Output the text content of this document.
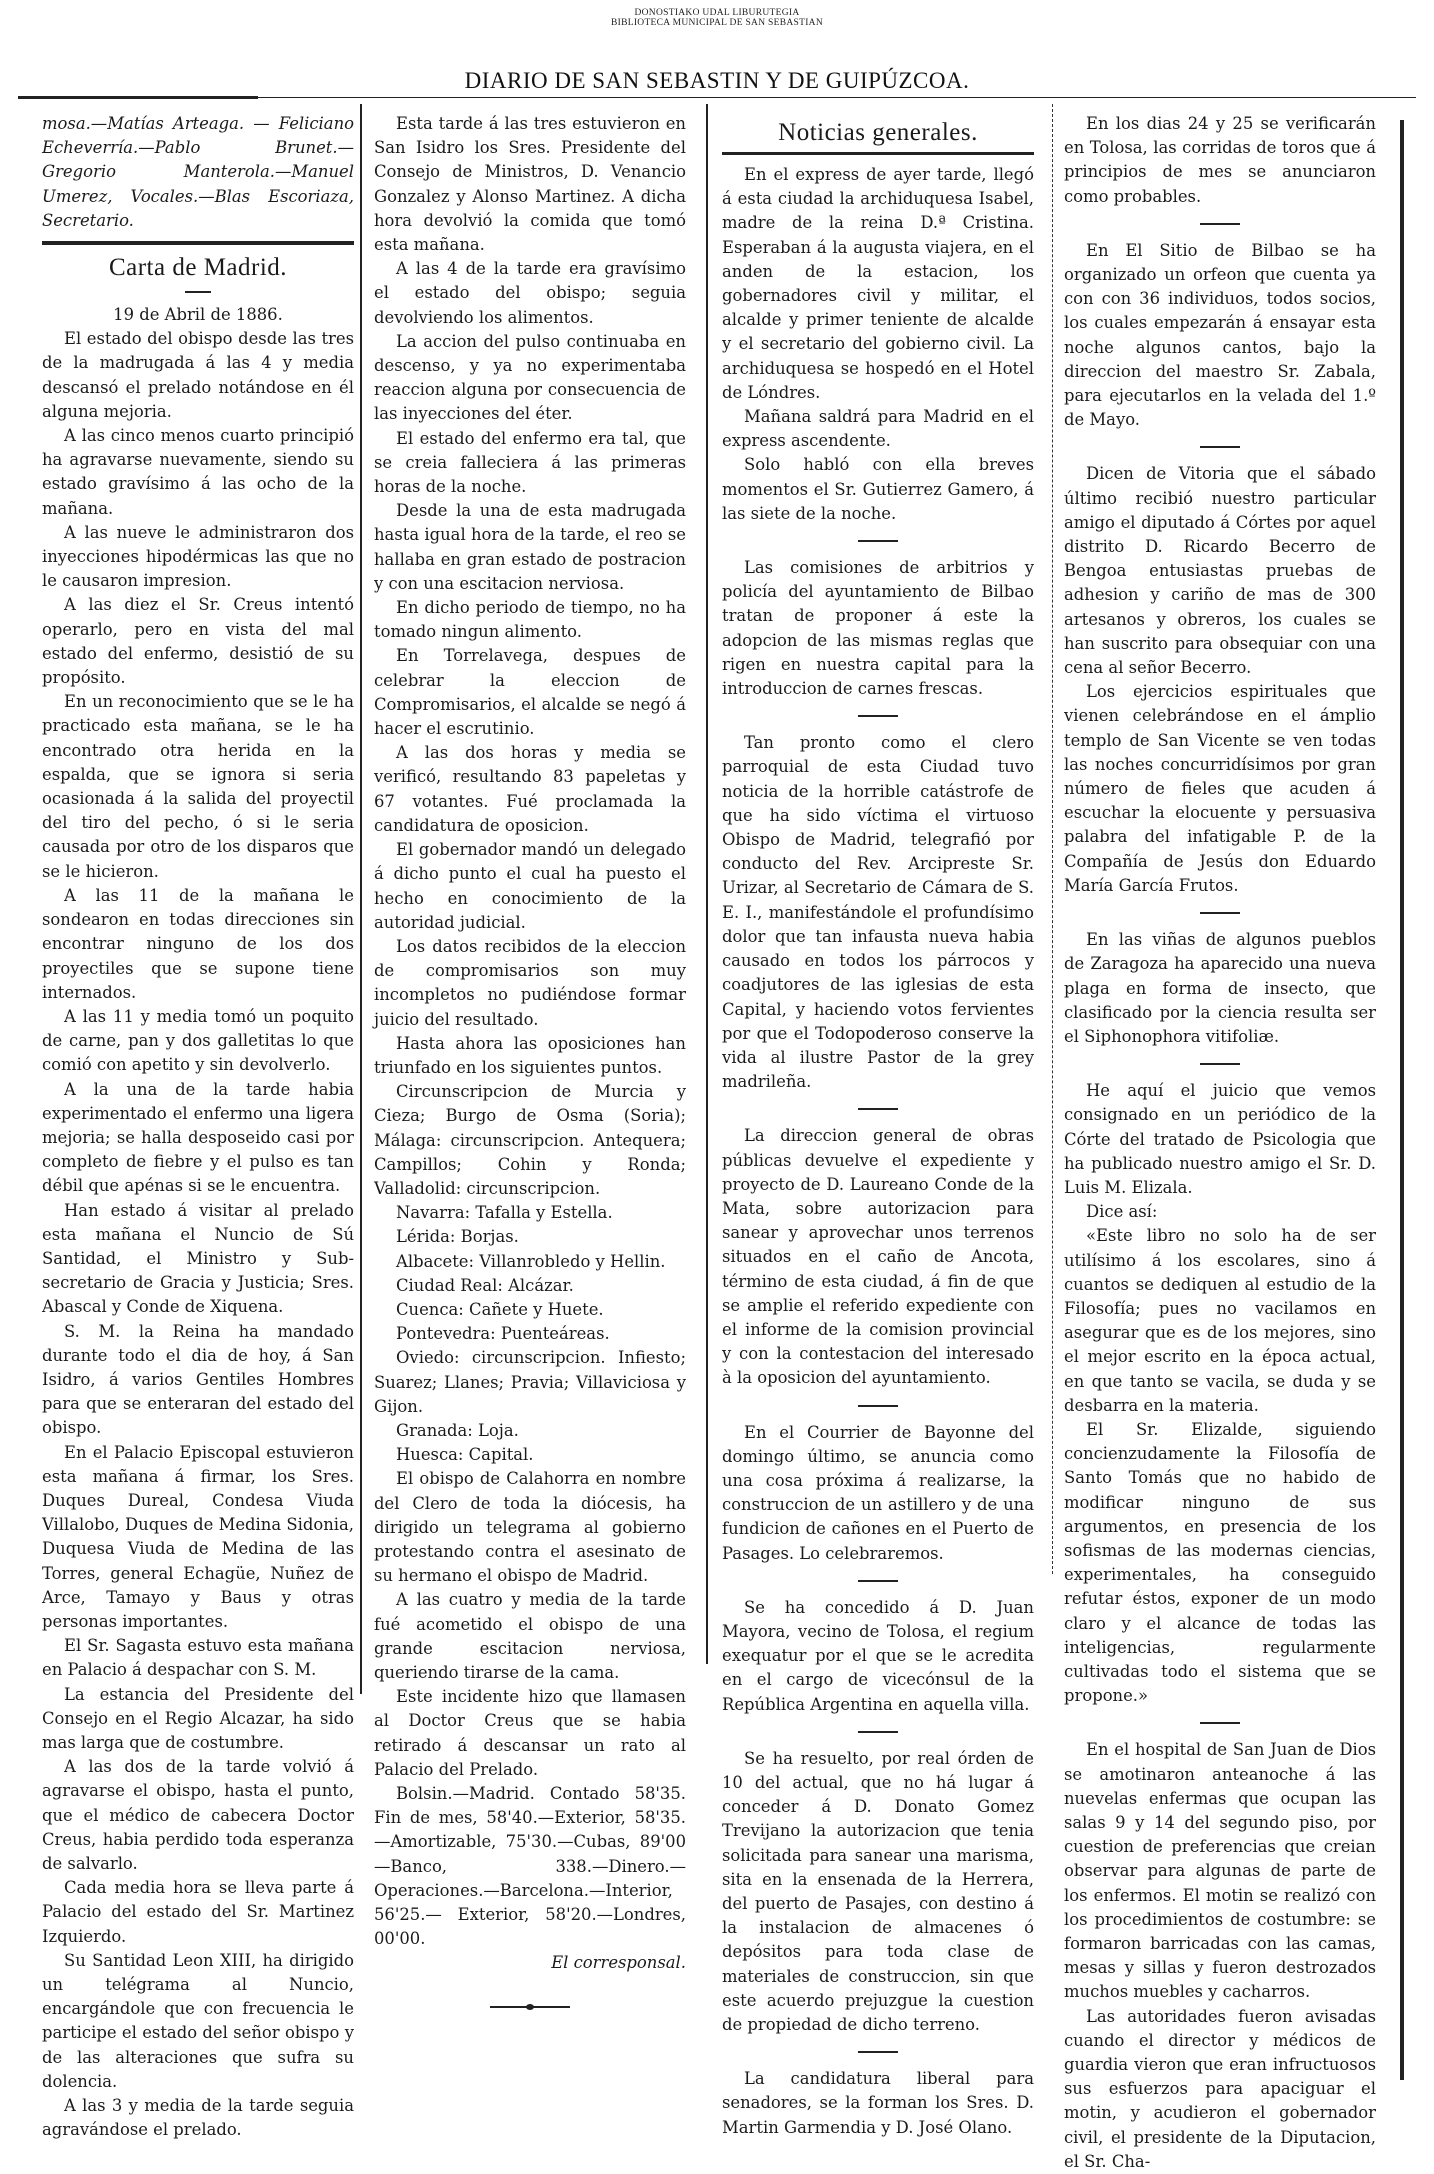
DONOSTIAKO UDAL LIBURUTEGIA
BIBLIOTECA MUNICIPAL DE SAN SEBASTIAN
DIARIO DE SAN SEBASTIN Y DE GUIPÚZCOA.

mosa.—Matías Arteaga. — Feliciano Echeverría.—Pablo Brunet.—Gregorio Manterola.—Manuel Umerez, Vocales.—Blas Escoriaza, Secretario.

Carta de Madrid.

19 de Abril de 1886.

El estado del obispo desde las tres de la madrugada á las 4 y media descansó el prelado notándose en él alguna mejoria.

A las cinco menos cuarto principió ha agravarse nuevamente, siendo su estado gravísimo á las ocho de la mañana.

A las nueve le administraron dos inyecciones hipodérmicas las que no le causaron impresion.

A las diez el Sr. Creus intentó operarlo, pero en vista del mal estado del enfermo, desistió de su propósito.

En un reconocimiento que se le ha practicado esta mañana, se le ha encontrado otra herida en la espalda, que se ignora si seria ocasionada á la salida del proyectil del tiro del pecho, ó si le seria causada por otro de los disparos que se le hicieron.

A las 11 de la mañana le sondearon en todas direcciones sin encontrar ninguno de los dos proyectiles que se supone tiene internados.

A las 11 y media tomó un poquito de carne, pan y dos galletitas lo que comió con apetito y sin devolverlo.

A la una de la tarde habia experimentado el enfermo una ligera mejoria; se halla desposeido casi por completo de fiebre y el pulso es tan débil que apénas si se le encuentra.

Han estado á visitar al prelado esta mañana el Nuncio de Sú Santidad, el Ministro y Sub-secretario de Gracia y Justicia; Sres. Abascal y Conde de Xiquena.

S. M. la Reina ha mandado durante todo el dia de hoy, á San Isidro, á varios Gentiles Hombres para que se enteraran del estado del obispo.

En el Palacio Episcopal estuvieron esta mañana á firmar, los Sres. Duques Dureal, Condesa Viuda Villalobo, Duques de Medina Sidonia, Duquesa Viuda de Medina de las Torres, general Echagüe, Nuñez de Arce, Tamayo y Baus y otras personas importantes.

El Sr. Sagasta estuvo esta mañana en Palacio á despachar con S. M.

La estancia del Presidente del Consejo en el Regio Alcazar, ha sido mas larga que de costumbre.

A las dos de la tarde volvió á agravarse el obispo, hasta el punto, que el médico de cabecera Doctor Creus, habia perdido toda esperanza de salvarlo.

Cada media hora se lleva parte á Palacio del estado del Sr. Martinez Izquierdo.

Su Santidad Leon XIII, ha dirigido un telégrama al Nuncio, encargándole que con frecuencia le participe el estado del señor obispo y de las alteraciones que sufra su dolencia.

A las 3 y media de la tarde seguia agravándose el prelado.

Esta tarde á las tres estuvieron en San Isidro los Sres. Presidente del Consejo de Ministros, D. Venancio Gonzalez y Alonso Martinez. A dicha hora devolvió la comida que tomó esta mañana.

A las 4 de la tarde era gravísimo el estado del obispo; seguia devolviendo los alimentos.

La accion del pulso continuaba en descenso, y ya no experimentaba reaccion alguna por consecuencia de las inyecciones del éter.

El estado del enfermo era tal, que se creia falleciera á las primeras horas de la noche.

Desde la una de esta madrugada hasta igual hora de la tarde, el reo se hallaba en gran estado de postracion y con una escitacion nerviosa.

En dicho periodo de tiempo, no ha tomado ningun alimento.

En Torrelavega, despues de celebrar la eleccion de Compromisarios, el alcalde se negó á hacer el escrutinio.

A las dos horas y media se verificó, resultando 83 papeletas y 67 votantes. Fué proclamada la candidatura de oposicion.

El gobernador mandó un delegado á dicho punto el cual ha puesto el hecho en conocimiento de la autoridad judicial.

Los datos recibidos de la eleccion de compromisarios son muy incompletos no pudiéndose formar juicio del resultado.

Hasta ahora las oposiciones han triunfado en los siguientes puntos.

Circunscripcion de Murcia y Cieza; Burgo de Osma (Soria); Málaga: circunscripcion. Antequera; Campillos; Cohin y Ronda; Valladolid: circunscripcion.

Navarra: Tafalla y Estella.

Lérida: Borjas.

Albacete: Villanrobledo y Hellin.

Ciudad Real: Alcázar.

Cuenca: Cañete y Huete.

Pontevedra: Puenteáreas.

Oviedo: circunscripcion. Infiesto; Suarez; Llanes; Pravia; Villaviciosa y Gijon.

Granada: Loja.

Huesca: Capital.

El obispo de Calahorra en nombre del Clero de toda la diócesis, ha dirigido un telegrama al gobierno protestando contra el asesinato de su hermano el obispo de Madrid.

A las cuatro y media de la tarde fué acometido el obispo de una grande escitacion nerviosa, queriendo tirarse de la cama.

Este incidente hizo que llamasen al Doctor Creus que se habia retirado á descansar un rato al Palacio del Prelado.

Bolsin.—Madrid. Contado 58'35. Fin de mes, 58'40.—Exterior, 58'35. —Amortizable, 75'30.—Cubas, 89'00 —Banco, 338.—Dinero.—Operaciones.—Barcelona.—Interior, 56'25.— Exterior, 58'20.—Londres, 00'00.

El corresponsal.

Noticias generales.

En el express de ayer tarde, llegó á esta ciudad la archiduquesa Isabel, madre de la reina D.ª Cristina. Esperaban á la augusta viajera, en el anden de la estacion, los gobernadores civil y militar, el alcalde y primer teniente de alcalde y el secretario del gobierno civil. La archiduquesa se hospedó en el Hotel de Lóndres.

Mañana saldrá para Madrid en el express ascendente.

Solo habló con ella breves momentos el Sr. Gutierrez Gamero, á las siete de la noche.

Las comisiones de arbitrios y policía del ayuntamiento de Bilbao tratan de proponer á este la adopcion de las mismas reglas que rigen en nuestra capital para la introduccion de carnes frescas.

Tan pronto como el clero parroquial de esta Ciudad tuvo noticia de la horrible catástrofe de que ha sido víctima el virtuoso Obispo de Madrid, telegrafió por conducto del Rev. Arcipreste Sr. Urizar, al Secretario de Cámara de S. E. I., manifestándole el profundísimo dolor que tan infausta nueva habia causado en todos los párrocos y coadjutores de las iglesias de esta Capital, y haciendo votos fervientes por que el Todopoderoso conserve la vida al ilustre Pastor de la grey madrileña.

La direccion general de obras públicas devuelve el expediente y proyecto de D. Laureano Conde de la Mata, sobre autorizacion para sanear y aprovechar unos terrenos situados en el caño de Ancota, término de esta ciudad, á fin de que se amplie el referido expediente con el informe de la comision provincial y con la contestacion del interesado à la oposicion del ayuntamiento.

En el Courrier de Bayonne del domingo último, se anuncia como una cosa próxima á realizarse, la construccion de un astillero y de una fundicion de cañones en el Puerto de Pasages. Lo celebraremos.

Se ha concedido á D. Juan Mayora, vecino de Tolosa, el regium exequatur por el que se le acredita en el cargo de vicecónsul de la República Argentina en aquella villa.

Se ha resuelto, por real órden de 10 del actual, que no há lugar á conceder á D. Donato Gomez Trevijano la autorizacion que tenia solicitada para sanear una marisma, sita en la ensenada de la Herrera, del puerto de Pasajes, con destino á la instalacion de almacenes ó depósitos para toda clase de materiales de construccion, sin que este acuerdo prejuzgue la cuestion de propiedad de dicho terreno.

La candidatura liberal para senadores, se la forman los Sres. D. Martin Garmendia y D. José Olano.

En los dias 24 y 25 se verificarán en Tolosa, las corridas de toros que á principios de mes se anunciaron como probables.

En El Sitio de Bilbao se ha organizado un orfeon que cuenta ya con con 36 individuos, todos socios, los cuales empezarán á ensayar esta noche algunos cantos, bajo la direccion del maestro Sr. Zabala, para ejecutarlos en la velada del 1.º de Mayo.

Dicen de Vitoria que el sábado último recibió nuestro particular amigo el diputado á Córtes por aquel distrito D. Ricardo Becerro de Bengoa entusiastas pruebas de adhesion y cariño de mas de 300 artesanos y obreros, los cuales se han suscrito para obsequiar con una cena al señor Becerro.

Los ejercicios espirituales que vienen celebrándose en el ámplio templo de San Vicente se ven todas las noches concurridísimos por gran número de fieles que acuden á escuchar la elocuente y persuasiva palabra del infatigable P. de la Compañía de Jesús don Eduardo María García Frutos.

En las viñas de algunos pueblos de Zaragoza ha aparecido una nueva plaga en forma de insecto, que clasificado por la ciencia resulta ser el Siphonophora vitifoliæ.

He aquí el juicio que vemos consignado en un periódico de la Córte del tratado de Psicologia que ha publicado nuestro amigo el Sr. D. Luis M. Elizala.

Dice así:

«Este libro no solo ha de ser utilísimo á los escolares, sino á cuantos se dediquen al estudio de la Filosofía; pues no vacilamos en asegurar que es de los mejores, sino el mejor escrito en la época actual, en que tanto se vacila, se duda y se desbarra en la materia.

El Sr. Elizalde, siguiendo concienzudamente la Filosofía de Santo Tomás que no habido de modificar ninguno de sus argumentos, en presencia de los sofismas de las modernas ciencias, experimentales, ha conseguido refutar éstos, exponer de un modo claro y el alcance de todas las inteligencias, regularmente cultivadas todo el sistema que se propone.»

En el hospital de San Juan de Dios se amotinaron anteanoche á las nuevelas enfermas que ocupan las salas 9 y 14 del segundo piso, por cuestion de preferencias que creian observar para algunas de parte de los enfermos. El motin se realizó con los procedimientos de costumbre: se formaron barricadas con las camas, mesas y sillas y fueron destrozados muchos muebles y cacharros.

Las autoridades fueron avisadas cuando el director y médicos de guardia vieron que eran infructuosos sus esfuerzos para apaciguar el motin, y acudieron el gobernador civil, el presidente de la Diputacion, el Sr. Cha-
